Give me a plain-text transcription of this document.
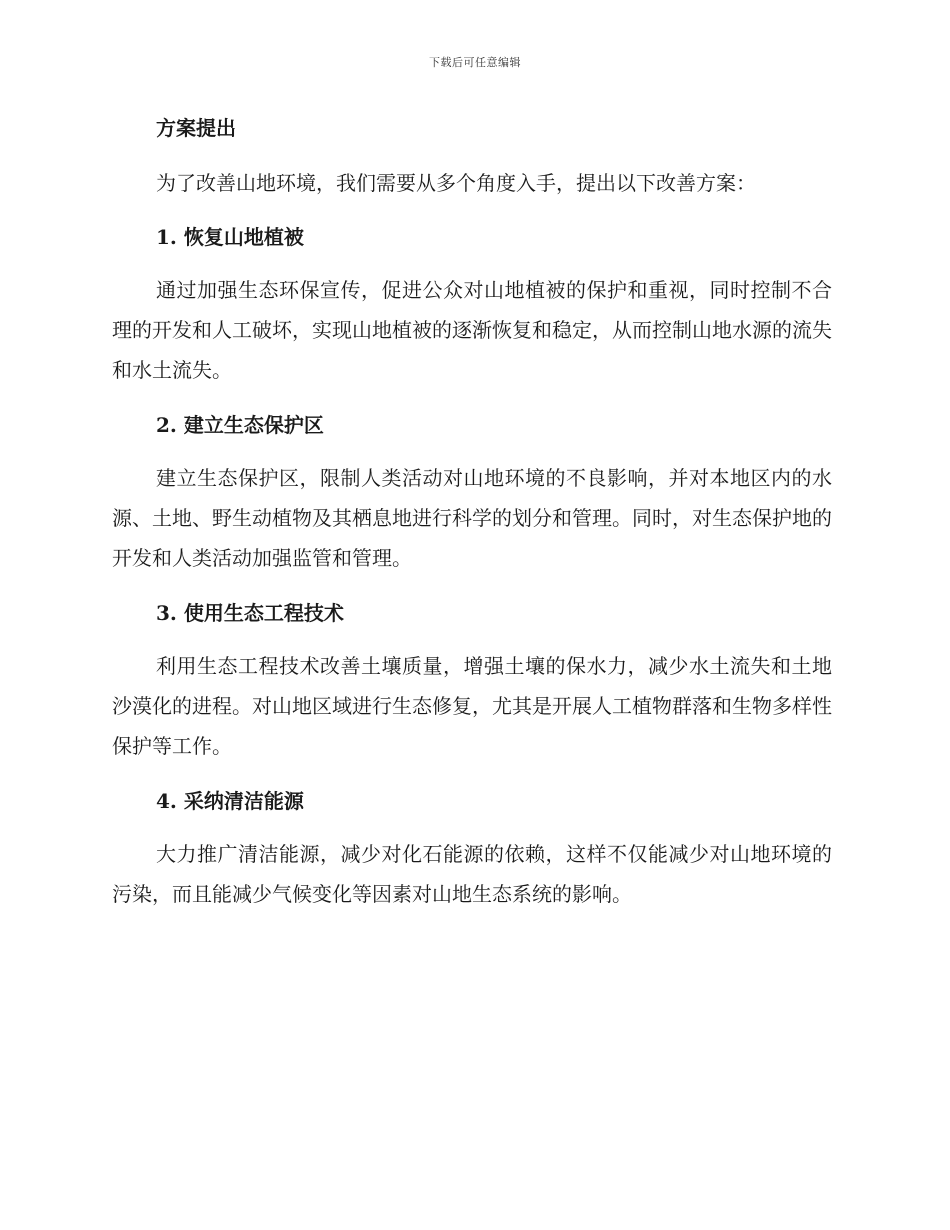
下载后可任意编辑
方案提出

为了改善山地环境，我们需要从多个角度入手，提出以下改善方案：

1. 恢复山地植被

通过加强生态环保宣传，促进公众对山地植被的保护和重视，同时控制不合理的开发和人工破坏，实现山地植被的逐渐恢复和稳定，从而控制山地水源的流失和水土流失。

2. 建立生态保护区

建立生态保护区，限制人类活动对山地环境的不良影响，并对本地区内的水源、土地、野生动植物及其栖息地进行科学的划分和管理。同时，对生态保护地的开发和人类活动加强监管和管理。

3. 使用生态工程技术

利用生态工程技术改善土壤质量，增强土壤的保水力，减少水土流失和土地沙漠化的进程。对山地区域进行生态修复，尤其是开展人工植物群落和生物多样性保护等工作。

4. 采纳清洁能源

大力推广清洁能源，减少对化石能源的依赖，这样不仅能减少对山地环境的污染，而且能减少气候变化等因素对山地生态系统的影响。
